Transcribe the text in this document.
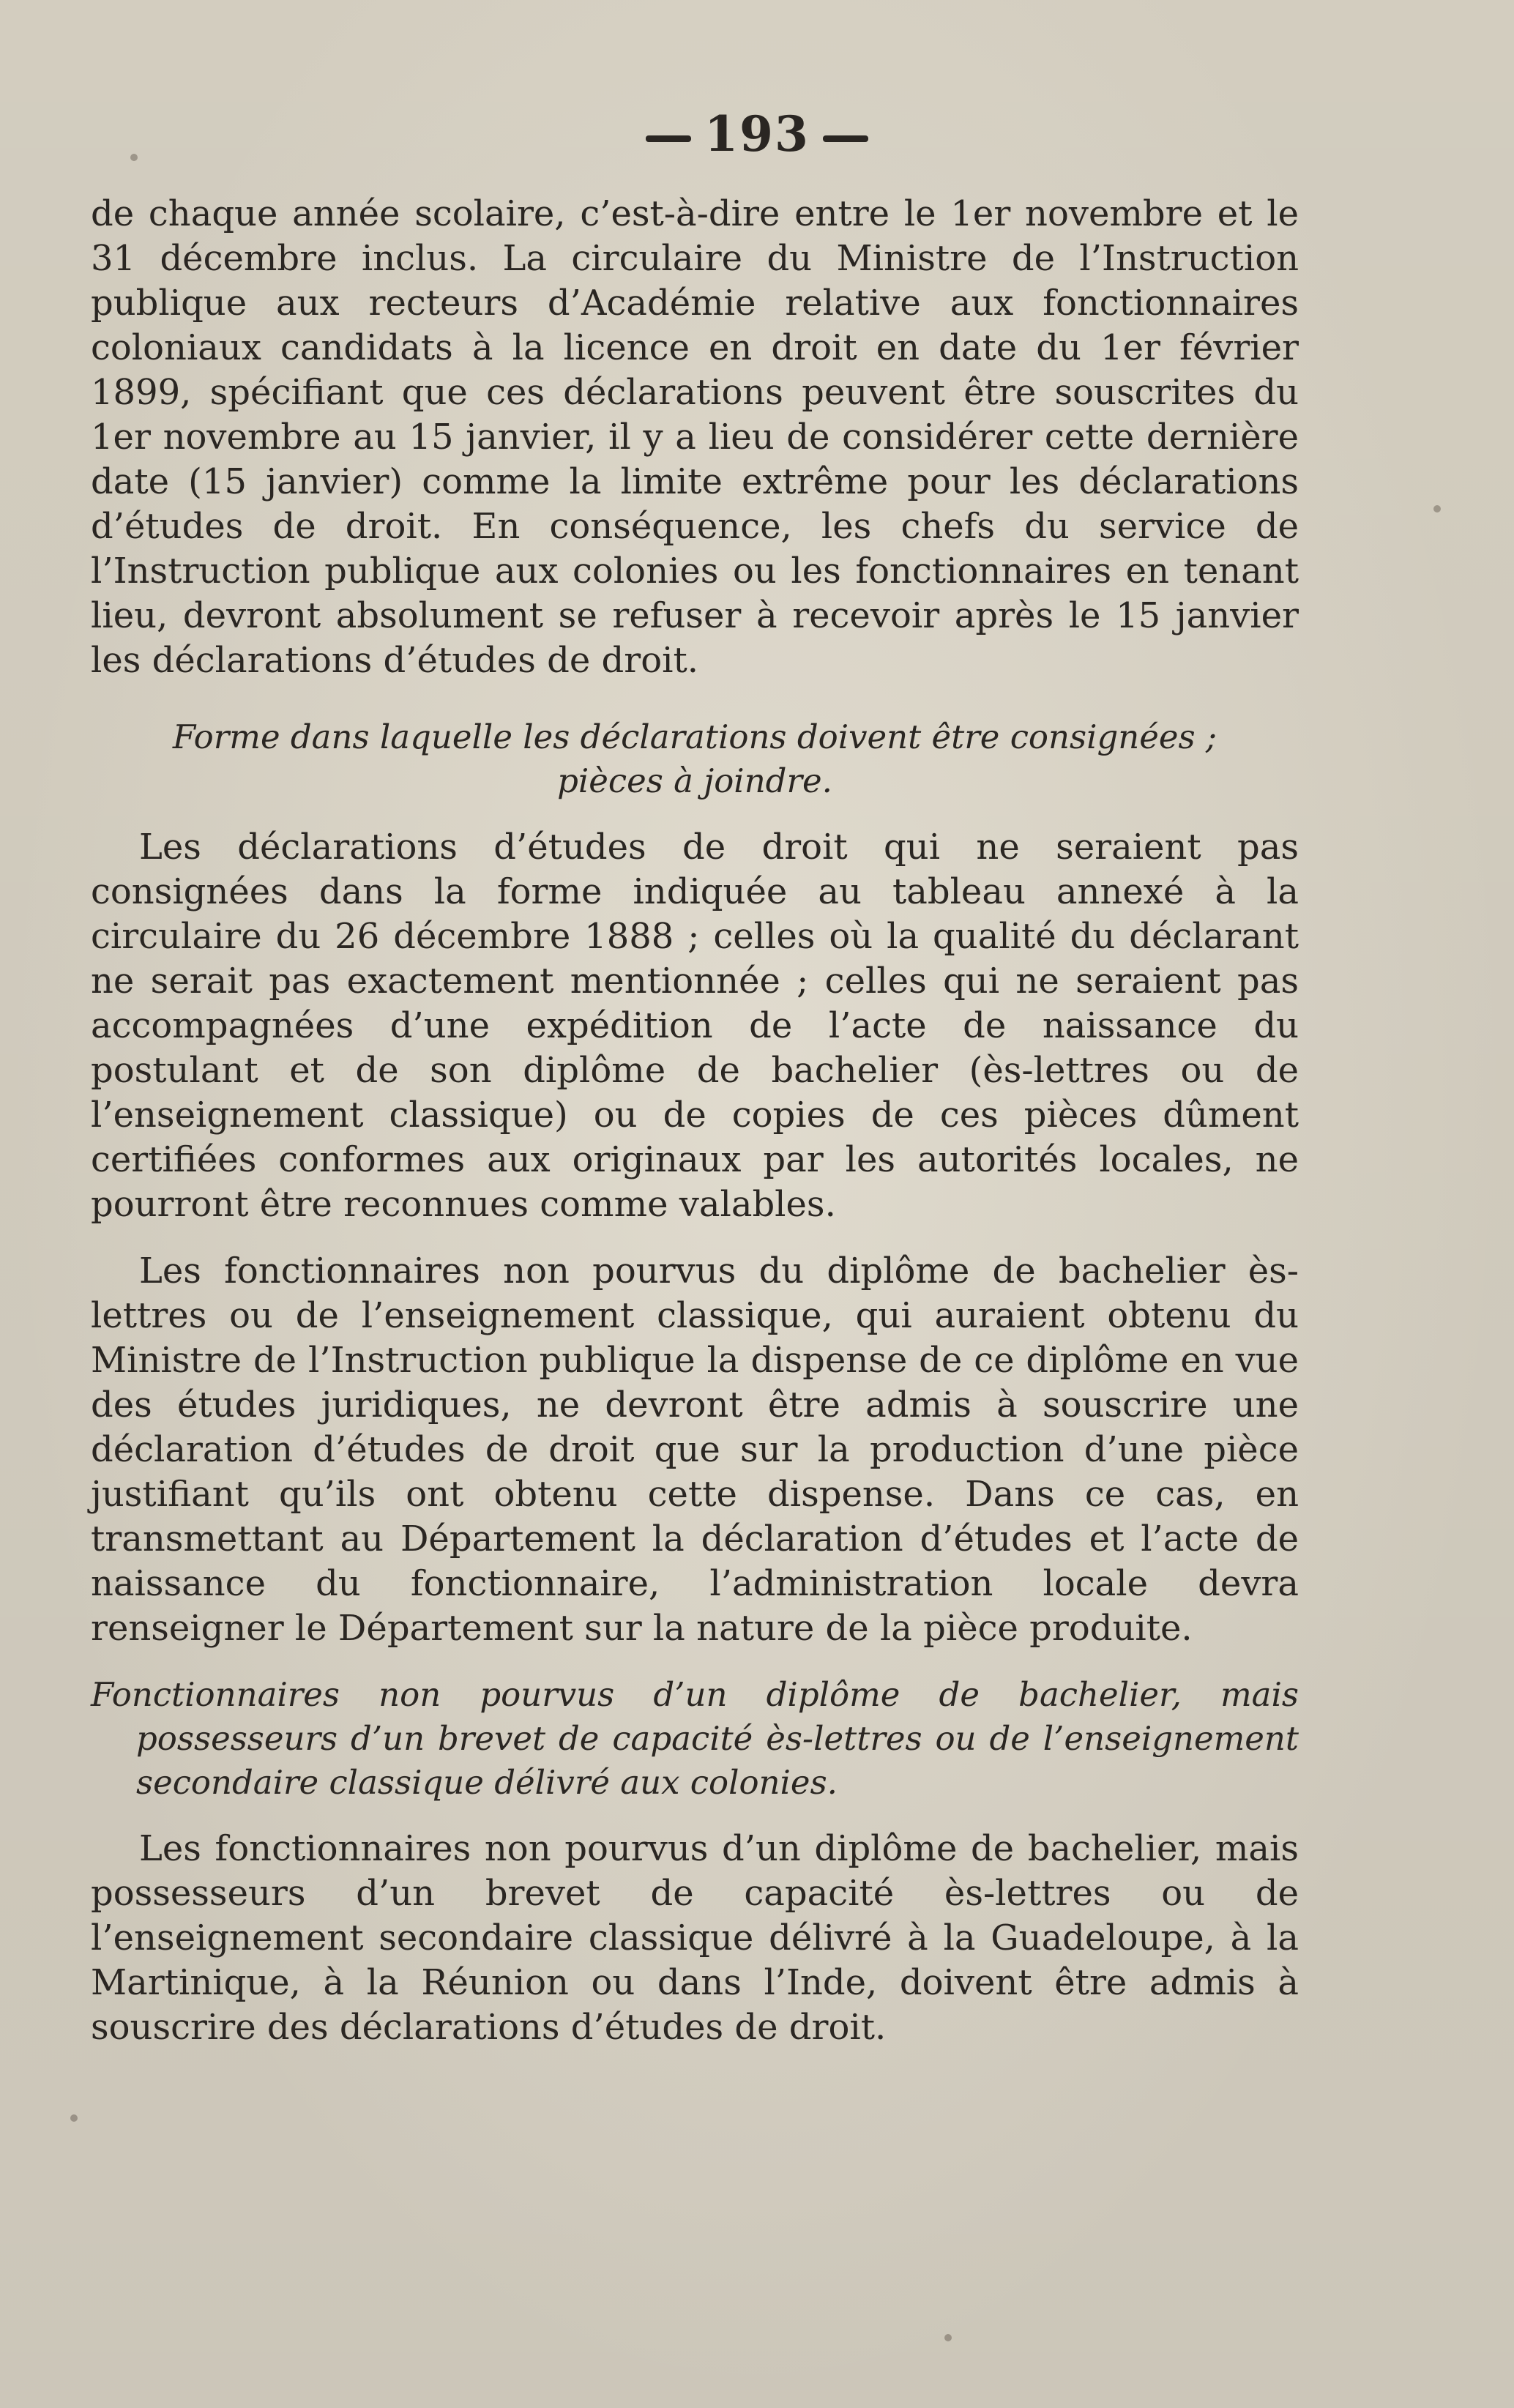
193

de chaque année scolaire, c’est-à-dire entre le 1er novembre et le 31 décembre inclus. La circulaire du Ministre de l’Instruction publique aux recteurs d’Académie relative aux fonctionnaires coloniaux candidats à la licence en droit en date du 1er février 1899, spécifiant que ces déclarations peuvent être souscrites du 1er novembre au 15 janvier, il y a lieu de considérer cette dernière date (15 janvier) comme la limite extrême pour les déclarations d’études de droit. En conséquence, les chefs du service de l’Instruction publique aux colonies ou les fonctionnaires en tenant lieu, devront absolument se refuser à recevoir après le 15 janvier les déclarations d’études de droit.

Forme dans laquelle les déclarations doivent être consignées ; pièces à joindre.

Les déclarations d’études de droit qui ne seraient pas consignées dans la forme indiquée au tableau annexé à la circulaire du 26 décembre 1888 ; celles où la qualité du déclarant ne serait pas exactement mentionnée ; celles qui ne seraient pas accompagnées d’une expédition de l’acte de naissance du postulant et de son diplôme de bachelier (ès-lettres ou de l’enseignement classique) ou de copies de ces pièces dûment certifiées conformes aux originaux par les autorités locales, ne pourront être reconnues comme valables.

Les fonctionnaires non pourvus du diplôme de bachelier ès-lettres ou de l’enseignement classique, qui auraient obtenu du Ministre de l’Instruction publique la dispense de ce diplôme en vue des études juridiques, ne devront être admis à souscrire une déclaration d’études de droit que sur la production d’une pièce justifiant qu’ils ont obtenu cette dispense. Dans ce cas, en transmettant au Département la déclaration d’études et l’acte de naissance du fonctionnaire, l’administration locale devra renseigner le Département sur la nature de la pièce produite.

Fonctionnaires non pourvus d’un diplôme de bachelier, mais possesseurs d’un brevet de capacité ès-lettres ou de l’enseignement secondaire classique délivré aux colonies.

Les fonctionnaires non pourvus d’un diplôme de bachelier, mais possesseurs d’un brevet de capacité ès-lettres ou de l’enseignement secondaire classique délivré à la Guadeloupe, à la Martinique, à la Réunion ou dans l’Inde, doivent être admis à souscrire des déclarations d’études de droit.
